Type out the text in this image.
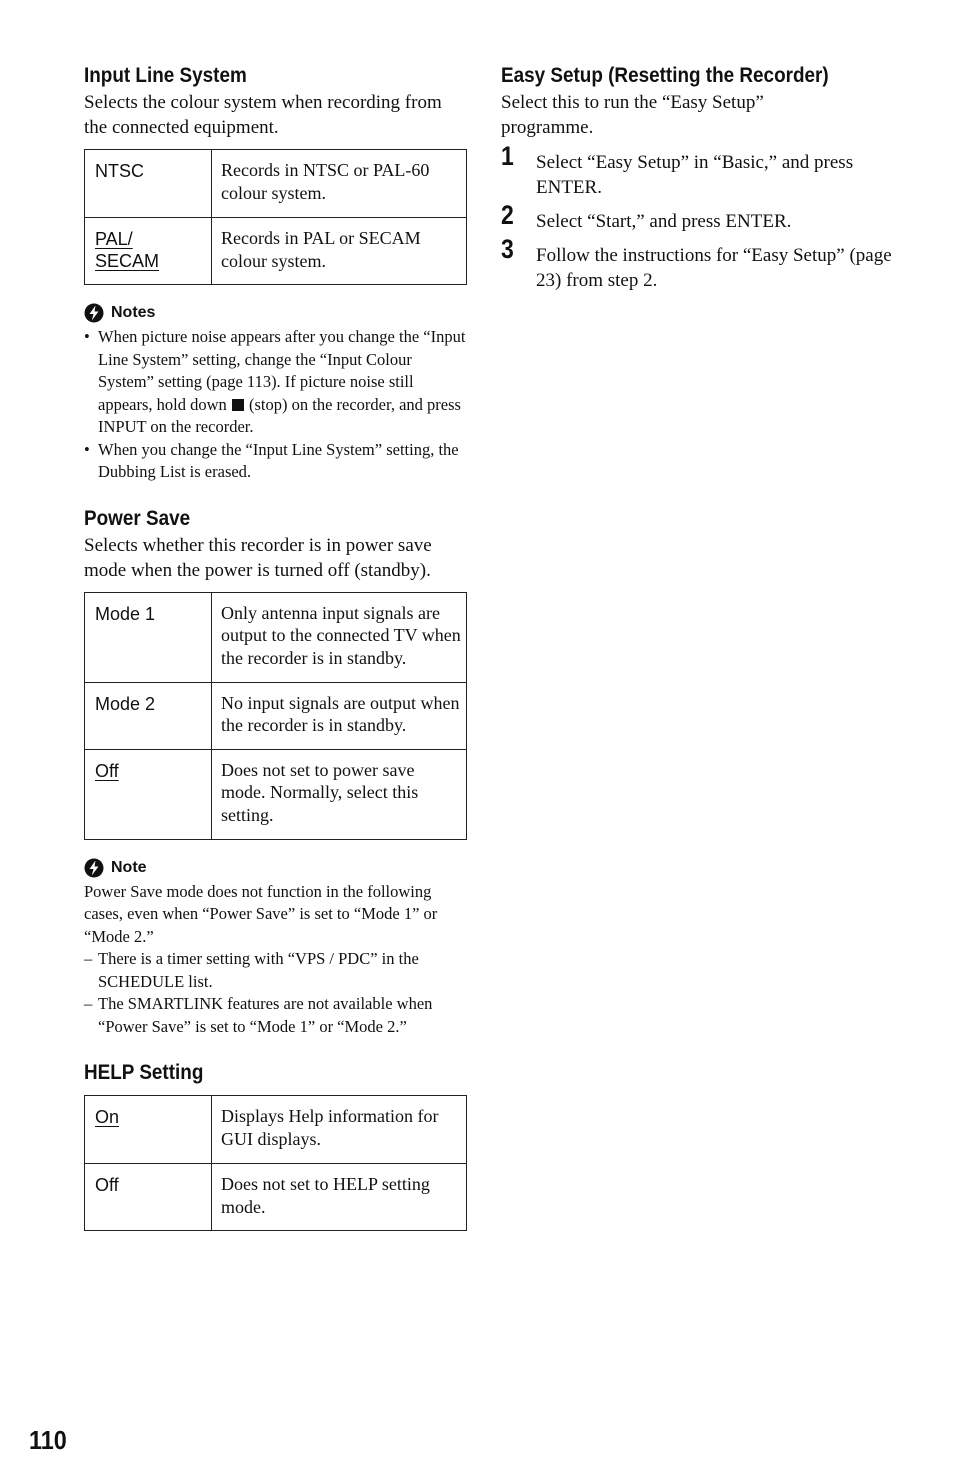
Input Line System

Selects the colour system when recording from the connected equipment.

NTSC	Records in NTSC or PAL-60 colour system.
PAL/
SECAM	Records in PAL or SECAM colour system.
Notes
• When picture noise appears after you change the “Input Line System” setting, change the “Input Colour System” setting (page 113). If picture noise still appears, hold down (stop) on the recorder, and press INPUT on the recorder.
• When you change the “Input Line System” setting, the Dubbing List is erased.
Power Save

Selects whether this recorder is in power save mode when the power is turned off (standby).

Mode 1	Only antenna input signals are output to the connected TV when the recorder is in standby.
Mode 2	No input signals are output when the recorder is in standby.
Off	Does not set to power save mode. Normally, select this setting.
Note

Power Save mode does not function in the following cases, even when “Power Save” is set to “Mode 1” or “Mode 2.”

– There is a timer setting with “VPS / PDC” in the SCHEDULE list.
– The SMARTLINK features are not available when “Power Save” is set to “Mode 1” or “Mode 2.”
HELP Setting
On	Displays Help information for GUI displays.
Off	Does not set to HELP setting mode.
Easy Setup (Resetting the Recorder)

Select this to run the “Easy Setup” programme.

1 Select “Easy Setup” in “Basic,” and press ENTER.
2 Select “Start,” and press ENTER.
3 Follow the instructions for “Easy Setup” (page 23) from step 2.
110
